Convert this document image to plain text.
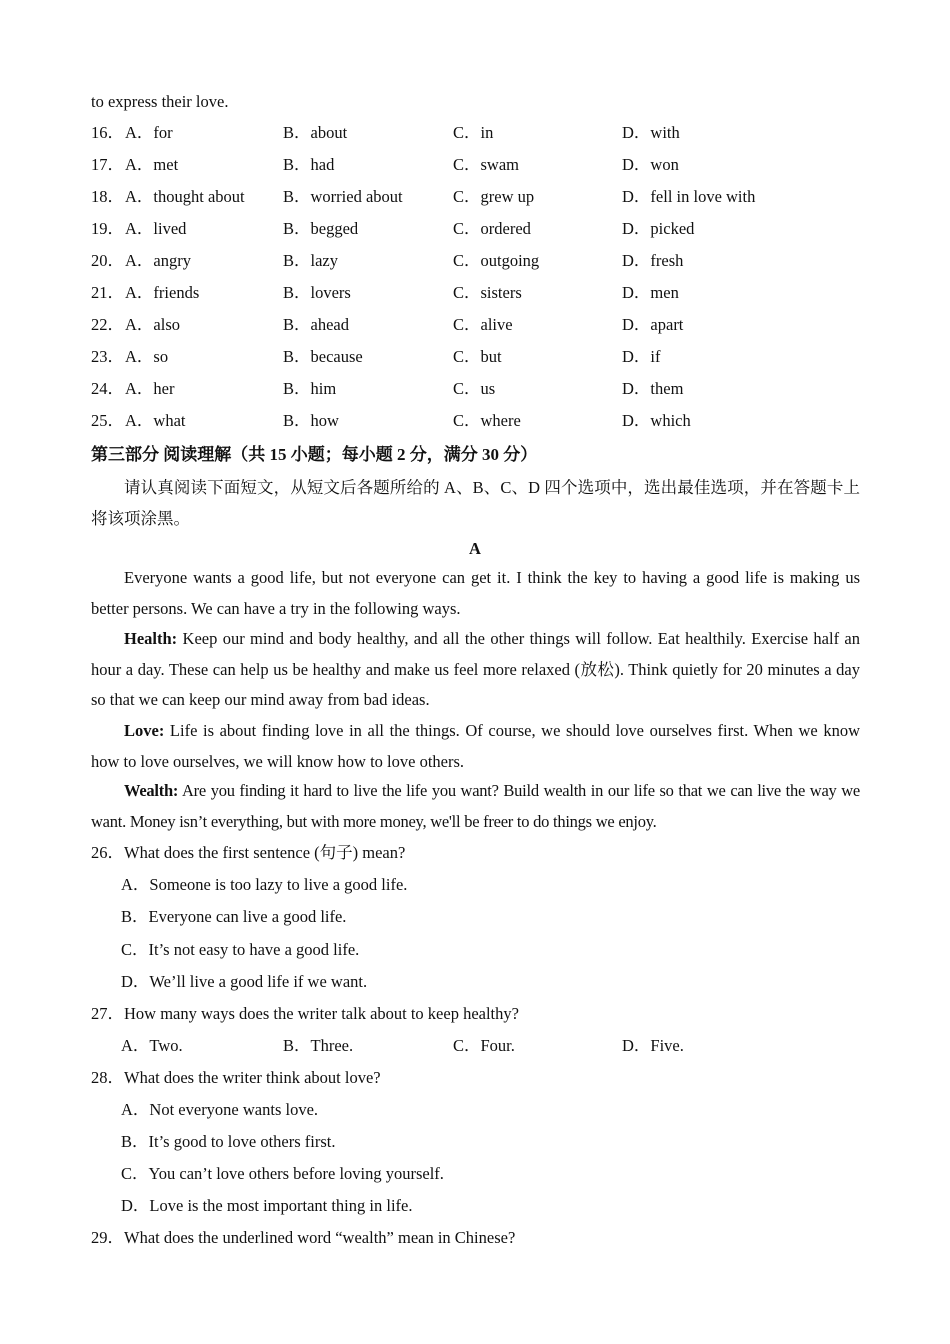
to express their love.
16． A．for	B．about	C．in	D．with
17． A．met	B．had	C．swam	D．won
18． A．thought about B．worried about	C．grew up	D．fell in love with
19． A．lived	B．begged	C．ordered	D．picked
20． A．angry	B．lazy	C．outgoing	D．fresh
21． A．friends	B．lovers	C．sisters	D．men
22． A．also	B．ahead	C．alive	D．apart
23． A．so	B．because	C．but	D．if
24． A．her	B．him	C．us	D．them
25． A．what	B．how	C．where	D．which
第三部分 阅读理解（共 15 小题；每小题 2 分，满分 30 分）
请认真阅读下面短文，从短文后各题所给的 A、B、C、D 四个选项中，选出最佳选项，并在答题卡上将该项涂黑。
A
Everyone wants a good life, but not everyone can get it. I think the key to having a good life is making us better persons. We can have a try in the following ways.
Health: Keep our mind and body healthy, and all the other things will follow. Eat healthily. Exercise half an hour a day. These can help us be healthy and make us feel more relaxed (放松). Think quietly for 20 minutes a day so that we can keep our mind away from bad ideas.
Love: Life is about finding love in all the things. Of course, we should love ourselves first. When we know how to love ourselves, we will know how to love others.
Wealth: Are you finding it hard to live the life you want? Build wealth in our life so that we can live the way we want. Money isn’t everything, but with more money, we'll be freer to do things we enjoy.
26．What does the first sentence (句子) mean?
A．Someone is too lazy to live a good life.
B．Everyone can live a good life.
C．It’s not easy to have a good life.
D．We’ll live a good life if we want.
27．How many ways does the writer talk about to keep healthy?
A．Two.	B．Three.	C．Four.	D．Five.
28．What does the writer think about love?
A．Not everyone wants love.
B．It’s good to love others first.
C．You can’t love others before loving yourself.
D．Love is the most important thing in life.
29．What does the underlined word “wealth” mean in Chinese?
